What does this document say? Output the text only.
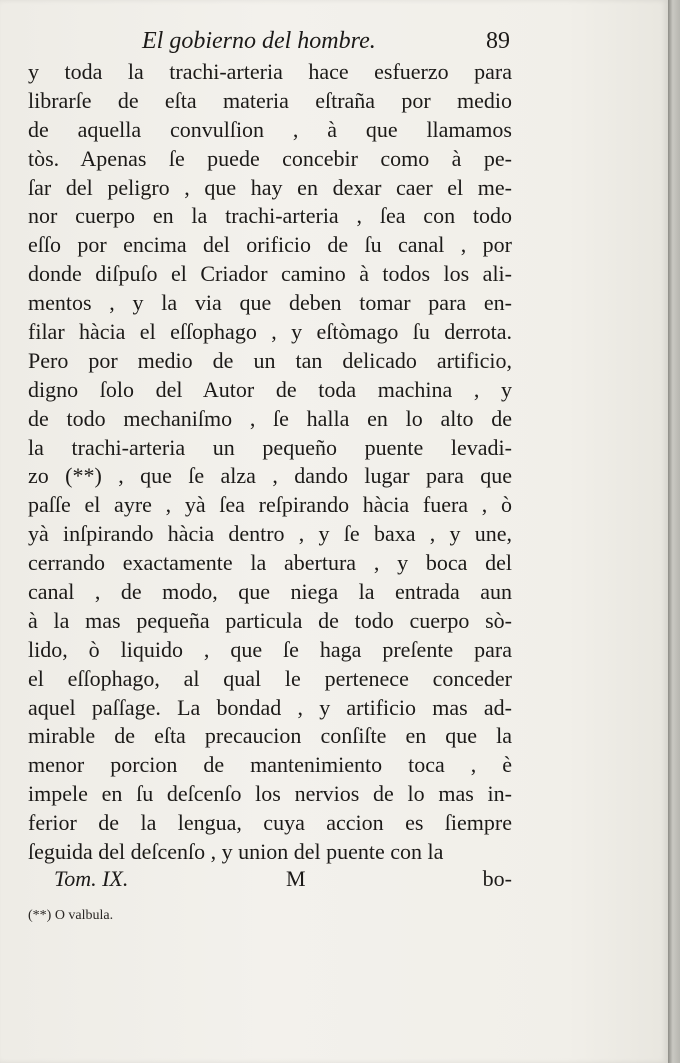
El gobierno del hombre.	89
y toda la trachi-arteria hace esfuerzo para
librarſe de eſta materia eſtraña por medio
de aquella convulſion , à que llamamos
tòs. Apenas ſe puede concebir como à pe-
ſar del peligro , que hay en dexar caer el me-
nor cuerpo en la trachi-arteria , ſea con todo
eſſo por encima del orificio de ſu canal , por
donde diſpuſo el Criador camino à todos los ali-
mentos , y la via que deben tomar para en-
filar hàcia el eſſophago , y eſtòmago ſu derrota.
Pero por medio de un tan delicado artificio,
digno ſolo del Autor de toda machina , y
de todo mechaniſmo , ſe halla en lo alto de
la trachi-arteria un pequeño puente levadi-
zo (**) , que ſe alza , dando lugar para que
paſſe el ayre , yà ſea reſpirando hàcia fuera , ò
yà inſpirando hàcia dentro , y ſe baxa , y une,
cerrando exactamente la abertura , y boca del
canal , de modo, que niega la entrada aun
à la mas pequeña particula de todo cuerpo sò-
lido, ò liquido , que ſe haga preſente para
el eſſophago, al qual le pertenece conceder
aquel paſſage. La bondad , y artificio mas ad-
mirable de eſta precaucion conſiſte en que la
menor porcion de mantenimiento toca , è
impele en ſu deſcenſo los nervios de lo mas in-
ferior de la lengua, cuya accion es ſiempre
ſeguida del deſcenſo , y union del puente con la
Tom. IX.	M	bo-
(**) O valbula.
